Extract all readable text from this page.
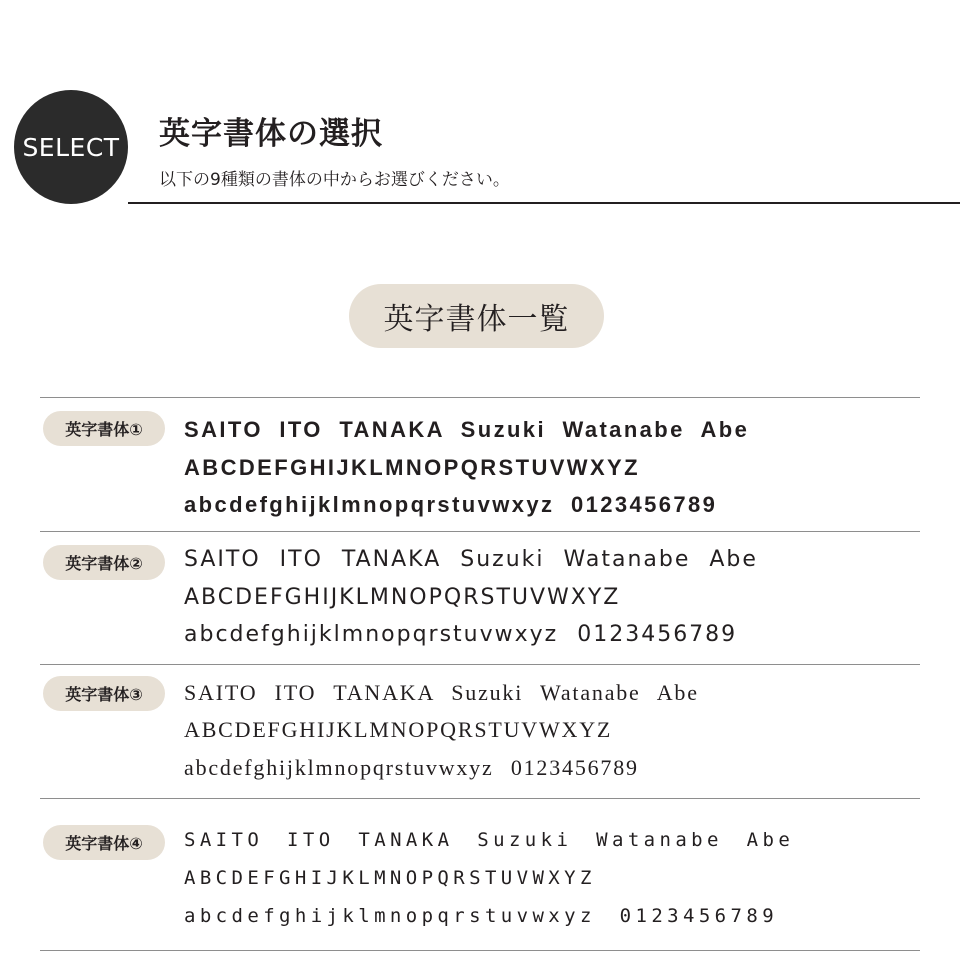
SELECT 英字書体の選択
以下の9種類の書体の中からお選びください。
英字書体一覧
英字書体①	SAITO ITO TANAKA Suzuki Watanabe Abe
ABCDEFGHIJKLMNOPQRSTUVWXYZ
abcdefghijklmnopqrstuvwxyz 0123456789
英字書体②	SAITO ITO TANAKA Suzuki Watanabe Abe
ABCDEFGHIJKLMNOPQRSTUVWXYZ
abcdefghijklmnopqrstuvwxyz 0123456789
英字書体③	SAITO ITO TANAKA Suzuki Watanabe Abe
ABCDEFGHIJKLMNOPQRSTUVWXYZ
abcdefghijklmnopqrstuvwxyz 0123456789
英字書体④	SAITO ITO TANAKA Suzuki Watanabe Abe
ABCDEFGHIJKLMNOPQRSTUVWXYZ
abcdefghijklmnopqrstuvwxyz 0123456789
